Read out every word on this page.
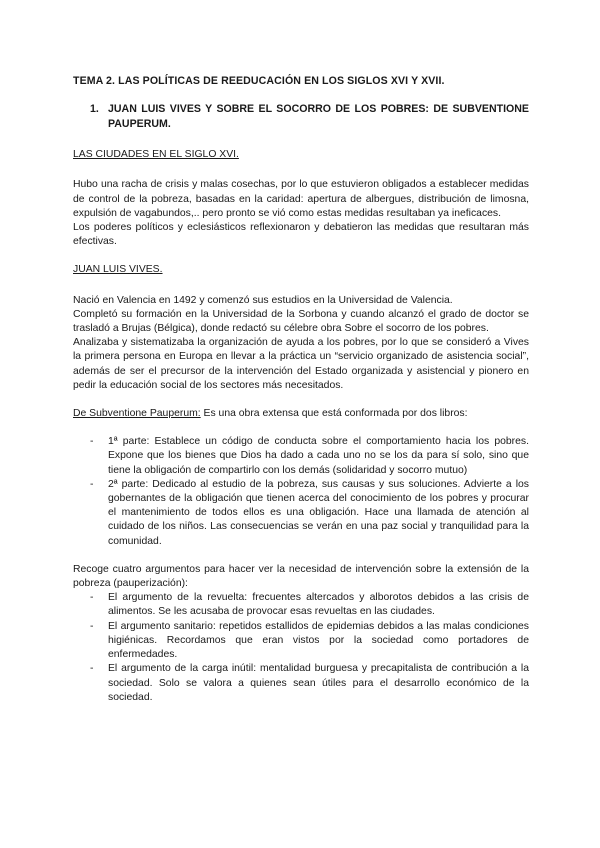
TEMA 2. LAS POLÍTICAS DE REEDUCACIÓN EN LOS SIGLOS XVI Y XVII.
1. JUAN LUIS VIVES Y SOBRE EL SOCORRO DE LOS POBRES: DE SUBVENTIONE PAUPERUM.
LAS CIUDADES EN EL SIGLO XVI.

Hubo una racha de crisis y malas cosechas, por lo que estuvieron obligados a establecer medidas de control de la pobreza, basadas en la caridad: apertura de albergues, distribución de limosna, expulsión de vagabundos,.. pero pronto se vió como estas medidas resultaban ya ineficaces.

Los poderes políticos y eclesiásticos reflexionaron y debatieron las medidas que resultaran más efectivas.

JUAN LUIS VIVES.

Nació en Valencia en 1492 y comenzó sus estudios en la Universidad de Valencia.

Completó su formación en la Universidad de la Sorbona y cuando alcanzó el grado de doctor se trasladó a Brujas (Bélgica), donde redactó su célebre obra Sobre el socorro de los pobres.

Analizaba y sistematizaba la organización de ayuda a los pobres, por lo que se consideró a Vives la primera persona en Europa en llevar a la práctica un “servicio organizado de asistencia social”, además de ser el precursor de la intervención del Estado organizada y asistencial y pionero en pedir la educación social de los sectores más necesitados.

De Subventione Pauperum: Es una obra extensa que está conformada por dos libros:

-	1ª parte: Establece un código de conducta sobre el comportamiento hacia los pobres. Expone que los bienes que Dios ha dado a cada uno no se los da para sí solo, sino que tiene la obligación de compartirlo con los demás (solidaridad y socorro mutuo)
-	2ª parte: Dedicado al estudio de la pobreza, sus causas y sus soluciones. Advierte a los gobernantes de la obligación que tienen acerca del conocimiento de los pobres y procurar el mantenimiento de todos ellos es una obligación. Hace una llamada de atención al cuidado de los niños. Las consecuencias se verán en una paz social y tranquilidad para la comunidad.

Recoge cuatro argumentos para hacer ver la necesidad de intervención sobre la extensión de la pobreza (pauperización):

-	El argumento de la revuelta: frecuentes altercados y alborotos debidos a las crisis de alimentos. Se les acusaba de provocar esas revueltas en las ciudades.
-	El argumento sanitario: repetidos estallidos de epidemias debidos a las malas condiciones higiénicas. Recordamos que eran vistos por la sociedad como portadores de enfermedades.
-	El argumento de la carga inútil: mentalidad burguesa y precapitalista de contribución a la sociedad. Solo se valora a quienes sean útiles para el desarrollo económico de la sociedad.
